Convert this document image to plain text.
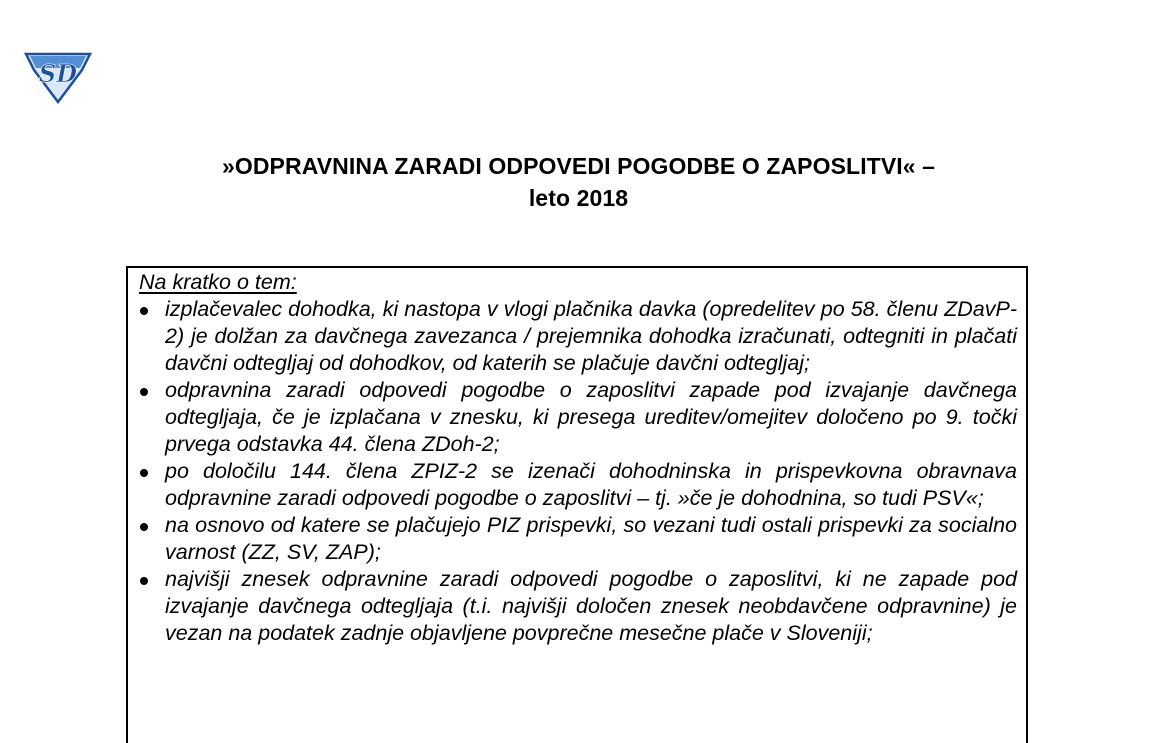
SD
»ODPRAVNINA ZARADI ODPOVEDI POGODBE O ZAPOSLITVI« –
leto 2018
Na kratko o tem:
izplačevalec dohodka, ki nastopa v vlogi plačnika davka (opredelitev po 58. členu ZDavP-2) je dolžan za davčnega zavezanca / prejemnika dohodka izračunati, odtegniti in plačati davčni odtegljaj od dohodkov, od katerih se plačuje davčni odtegljaj;
odpravnina zaradi odpovedi pogodbe o zaposlitvi zapade pod izvajanje davčnega odtegljaja, če je izplačana v znesku, ki presega ureditev/omejitev določeno po 9. točki prvega odstavka 44. člena ZDoh-2;
po določilu 144. člena ZPIZ-2 se izenači dohodninska in prispevkovna obravnava odpravnine zaradi odpovedi pogodbe o zaposlitvi – tj. »če je dohodnina, so tudi PSV«;
na osnovo od katere se plačujejo PIZ prispevki, so vezani tudi ostali prispevki za socialno varnost (ZZ, SV, ZAP);
najvišji znesek odpravnine zaradi odpovedi pogodbe o zaposlitvi, ki ne zapade pod izvajanje davčnega odtegljaja (t.i. najvišji določen znesek neobdavčene odpravnine) je vezan na podatek zadnje objavljene povprečne mesečne plače v Sloveniji;
